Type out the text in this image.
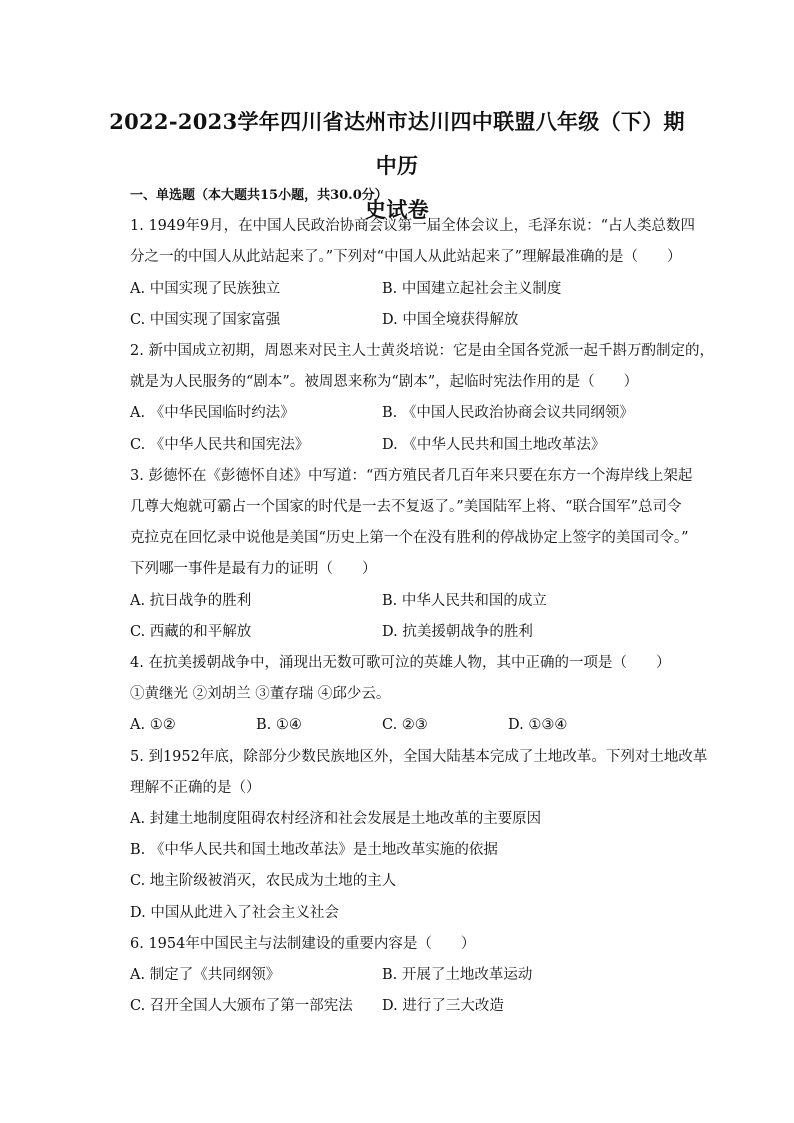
2022-2023学年四川省达州市达川四中联盟八年级（下）期中历
史试卷
一、单选题（本大题共15小题，共30.0分）
1. 1949年9月，在中国人民政治协商会议第一届全体会议上，毛泽东说：“占人类总数四
分之一的中国人从此站起来了。”下列对“中国人从此站起来了”理解最准确的是（　　）
A. 中国实现了民族独立	B. 中国建立起社会主义制度
C. 中国实现了国家富强	D. 中国全境获得解放
2. 新中国成立初期，周恩来对民主人士黄炎培说：它是由全国各党派一起千斟万酌制定的，
就是为人民服务的“剧本”。被周恩来称为“剧本”，起临时宪法作用的是（　　）
A. 《中华民国临时约法》	B. 《中国人民政治协商会议共同纲领》
C. 《中华人民共和国宪法》	D. 《中华人民共和国土地改革法》
3. 彭德怀在《彭德怀自述》中写道：“西方殖民者几百年来只要在东方一个海岸线上架起
几尊大炮就可霸占一个国家的时代是一去不复返了。”美国陆军上将、“联合国军”总司令
克拉克在回忆录中说他是美国“历史上第一个在没有胜利的停战协定上签字的美国司令。”
下列哪一事件是最有力的证明（　　）
A. 抗日战争的胜利	B. 中华人民共和国的成立
C. 西藏的和平解放	D. 抗美援朝战争的胜利
4. 在抗美援朝战争中，涌现出无数可歌可泣的英雄人物，其中正确的一项是（　　）
①黄继光 ②刘胡兰 ③董存瑞 ④邱少云。
A. ①②	B. ①④	C. ②③	D. ①③④
5. 到1952年底，除部分少数民族地区外，全国大陆基本完成了土地改革。下列对土地改革
理解不正确的是（）
A. 封建土地制度阻碍农村经济和社会发展是土地改革的主要原因
B. 《中华人民共和国土地改革法》是土地改革实施的依据
C. 地主阶级被消灭，农民成为土地的主人
D. 中国从此进入了社会主义社会
6. 1954年中国民主与法制建设的重要内容是（　　）
A. 制定了《共同纲领》	B. 开展了土地改革运动
C. 召开全国人大颁布了第一部宪法 D. 进行了三大改造
